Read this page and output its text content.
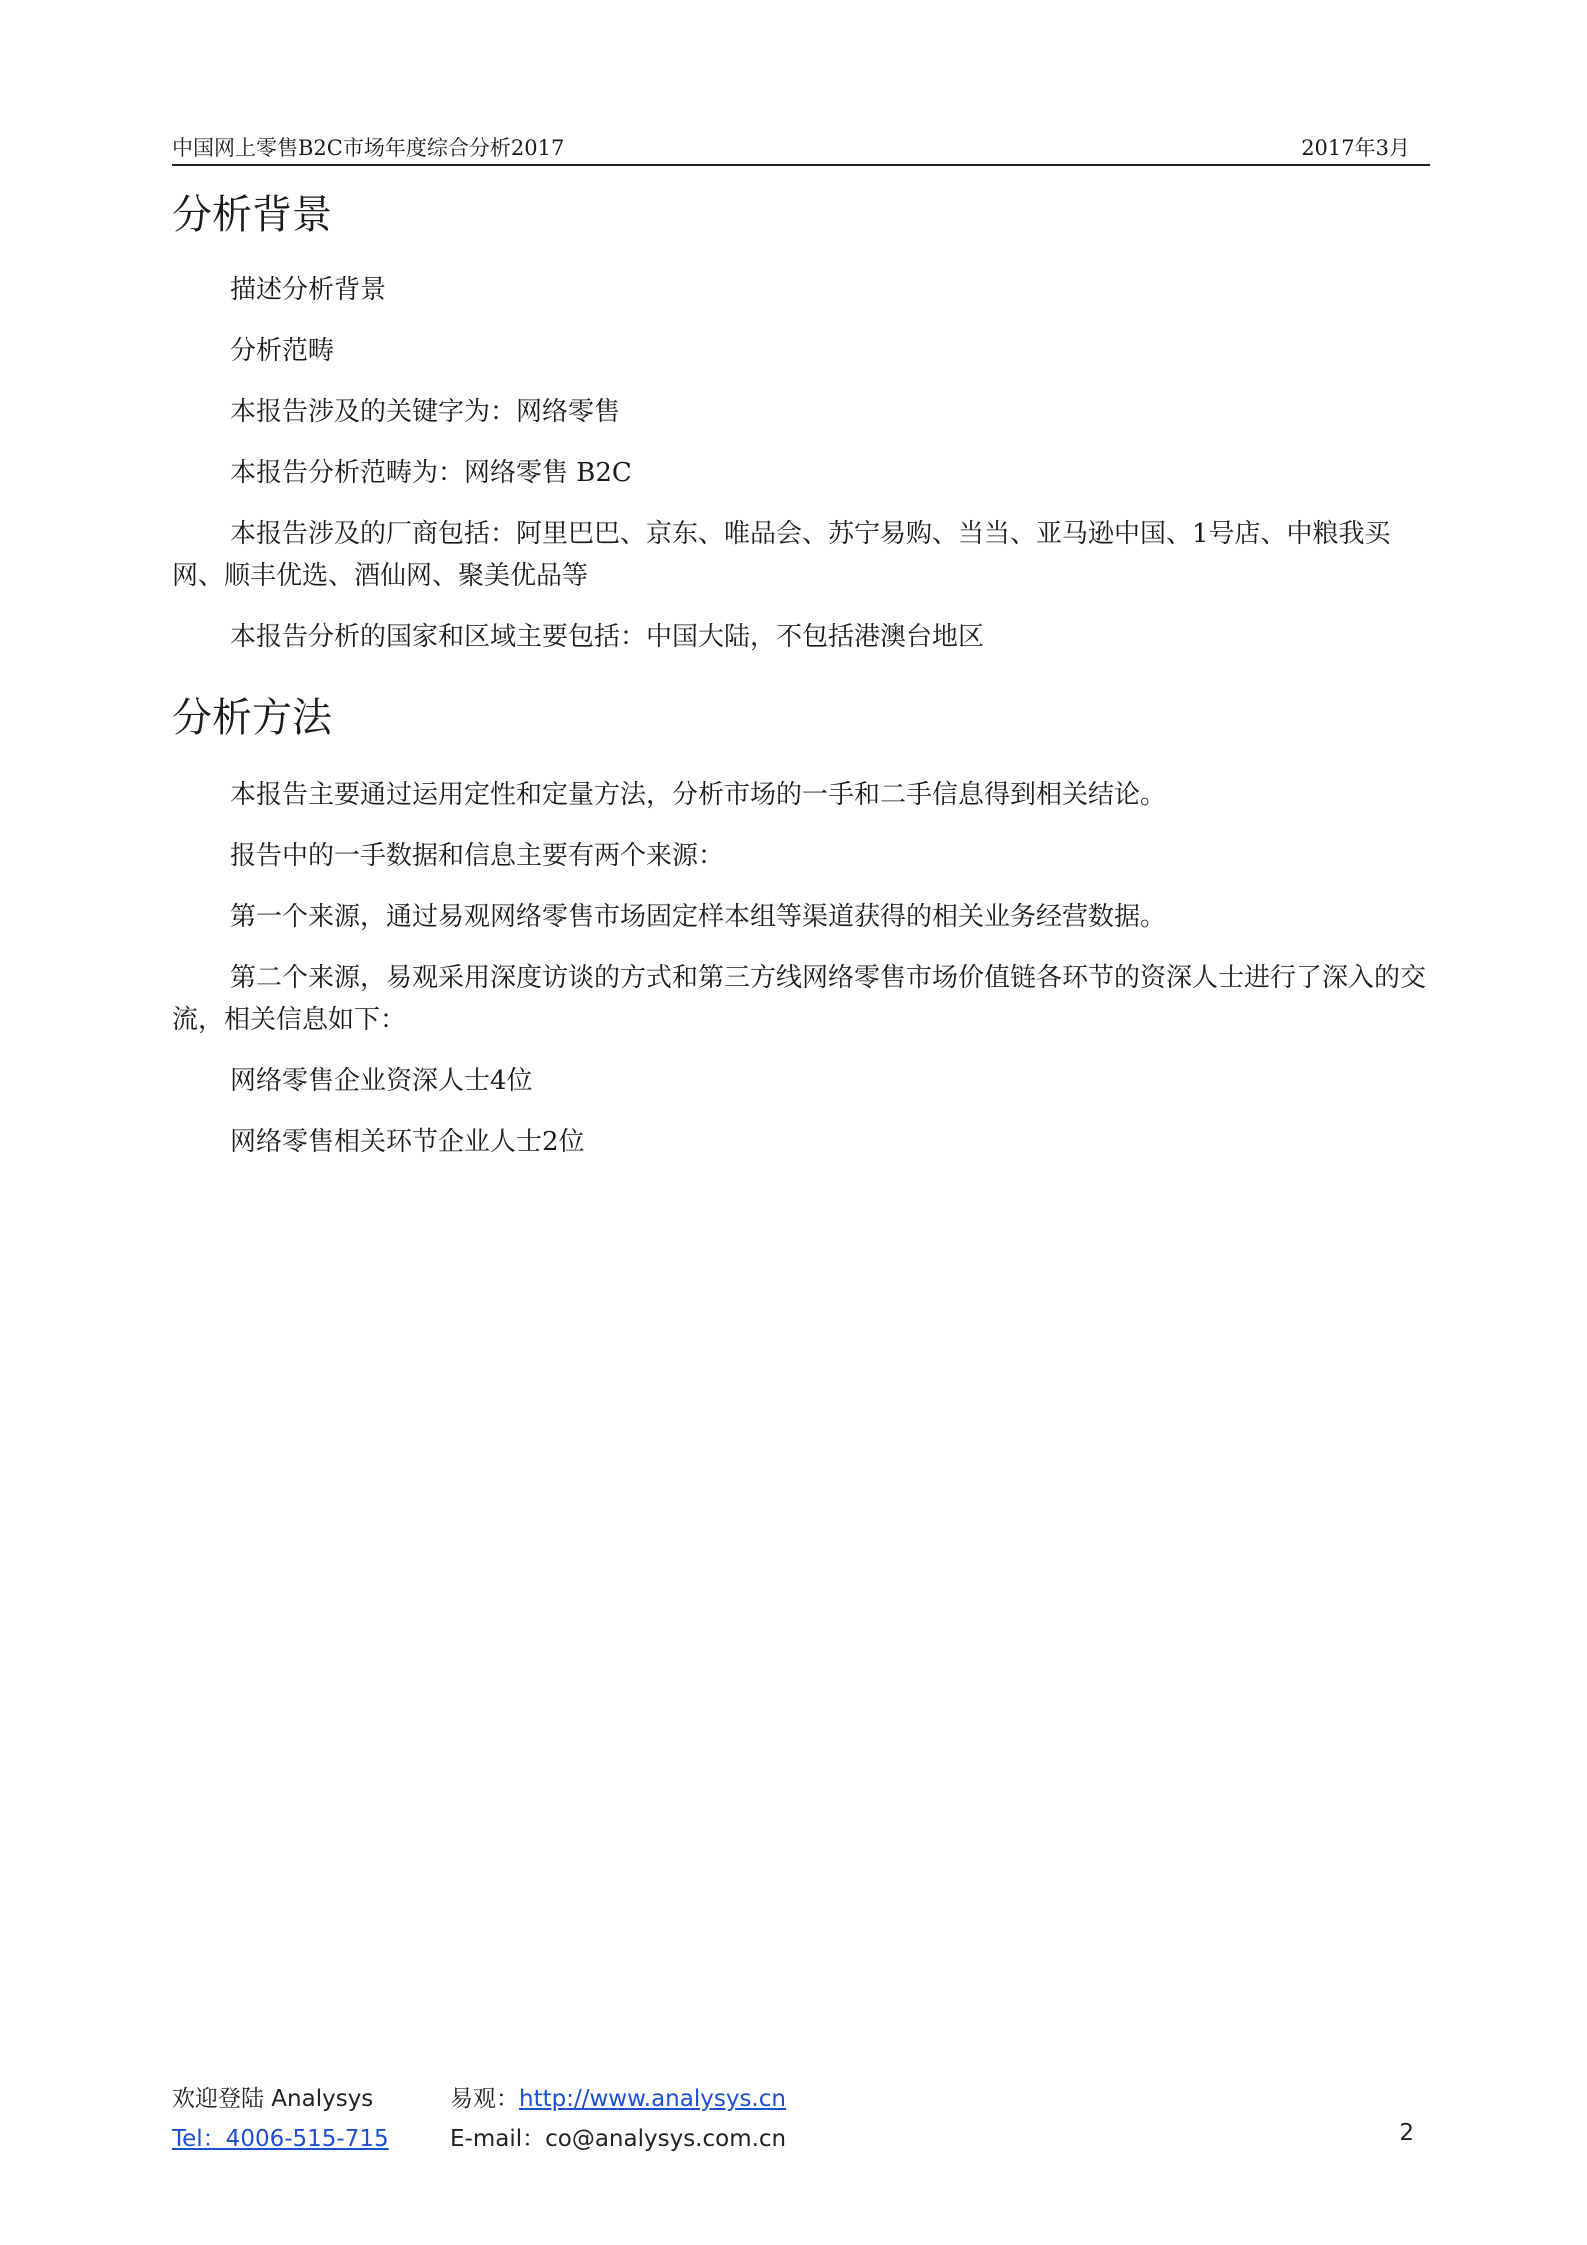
中国网上零售B2C市场年度综合分析2017	2017年3月
分析背景

描述分析背景

分析范畴

本报告涉及的关键字为：网络零售

本报告分析范畴为：网络零售 B2C

本报告涉及的厂商包括：阿里巴巴、京东、唯品会、苏宁易购、当当、亚马逊中国、1号店、中粮我买网、顺丰优选、酒仙网、聚美优品等

本报告分析的国家和区域主要包括：中国大陆，不包括港澳台地区

分析方法

本报告主要通过运用定性和定量方法，分析市场的一手和二手信息得到相关结论。

报告中的一手数据和信息主要有两个来源：

第一个来源，通过易观网络零售市场固定样本组等渠道获得的相关业务经营数据。

第二个来源，易观采用深度访谈的方式和第三方线网络零售市场价值链各环节的资深人士进行了深入的交流，相关信息如下：

网络零售企业资深人士4位

网络零售相关环节企业人士2位

欢迎登陆 Analysys	易观：http://www.analysys.cn
Tel：4006-515-715	E-mail：co@analysys.com.cn	2
